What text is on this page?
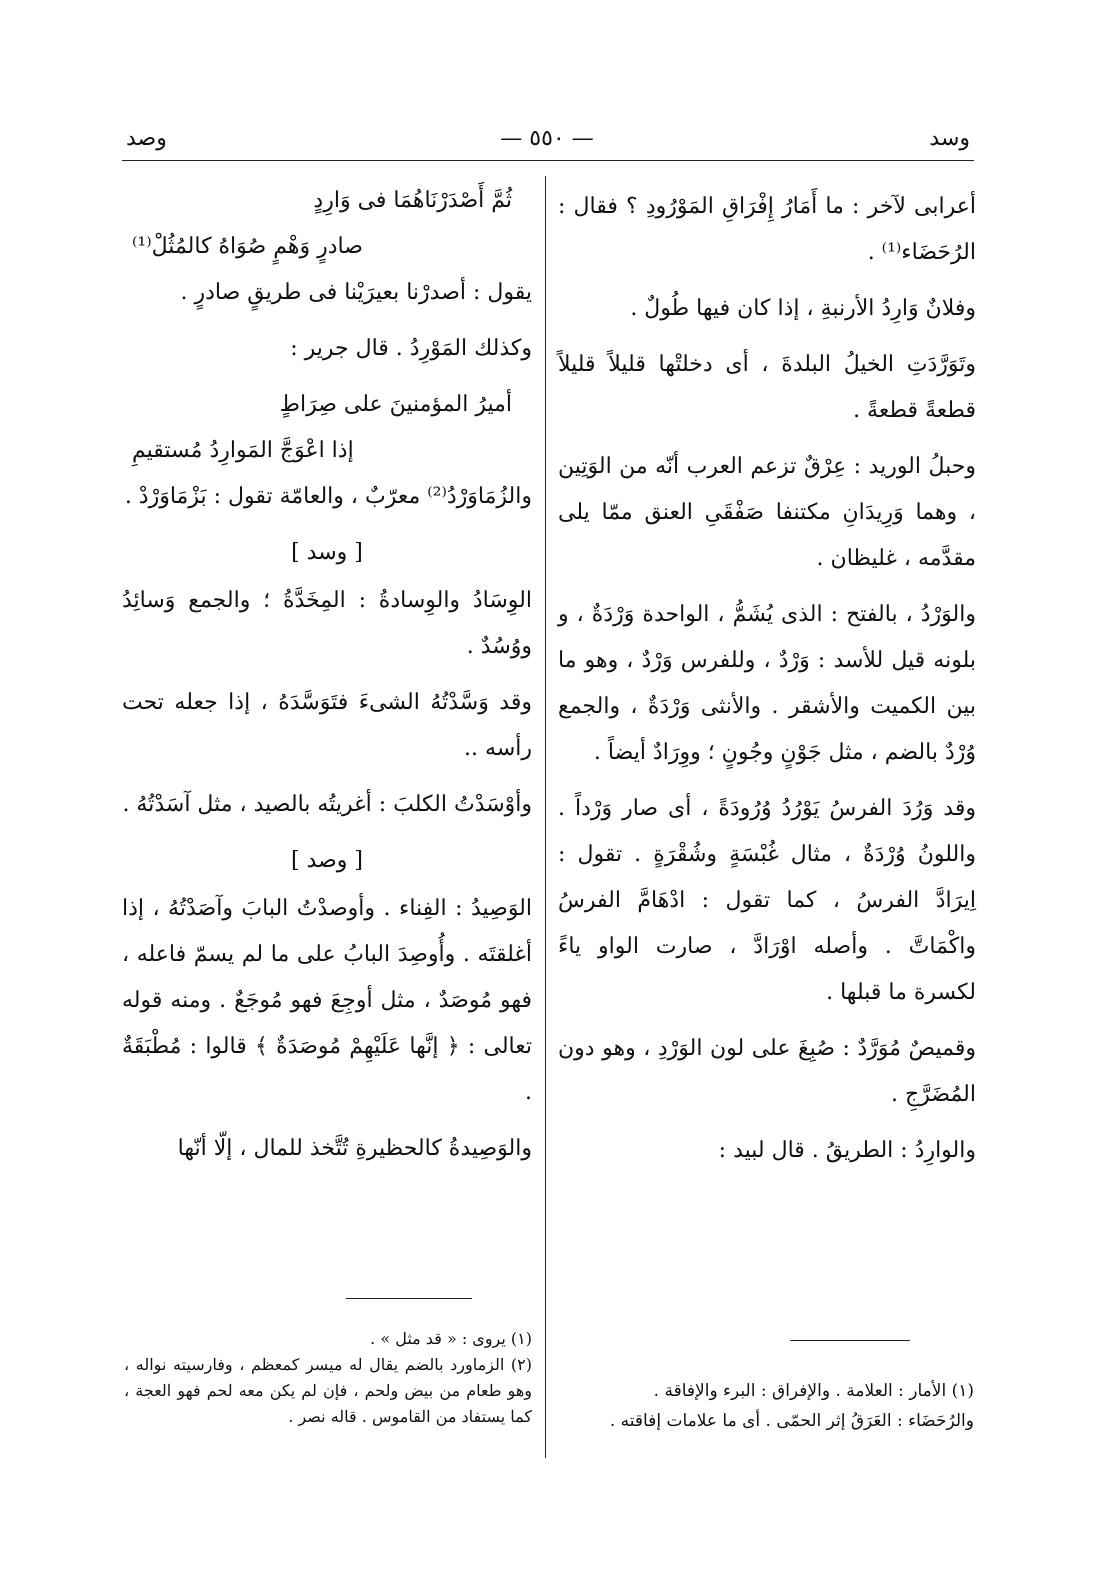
وصد	— ٥٥٠ —	وسد

أعرابى لآخر : ما أَمَارُ إِفْرَاقِ المَوْرُودِ ؟ فقال : الرُحَضَاء⁽¹⁾ .

وفلانٌ وَارِدُ الأرنبةِ ، إذا كان فيها طُولٌ .

وتَوَرَّدَتِ الخيلُ البلدةَ ، أى دخلتْها قليلاً قليلاً قطعةً قطعةً .

وحبلُ الوريد : عِرْقٌ تزعم العرب أنّه من الوَتِين ، وهما وَرِيدَانِ مكتنفا صَفْقَىِ العنق ممّا يلى مقدَّمه ، غليظان .

والوَرْدُ ، بالفتح : الذى يُشَمُّ ، الواحدة وَرْدَةٌ ، و بلونه قيل للأسد : وَرْدٌ ، وللفرس وَرْدٌ ، وهو ما بين الكميت والأشقر . والأنثى وَرْدَةٌ ، والجمع وُرْدٌ بالضم ، مثل جَوْنٍ وجُونٍ ؛ ووِرَادٌ أيضاً .

وقد وَرُدَ الفرسُ يَوْرُدُ وُرُودَةً ، أى صار وَرْداً . واللونُ وُرْدَةٌ ، مثال غُبْسَةٍ وشُقْرَةٍ . تقول : اِيرَادَّ الفرسُ ، كما تقول : ادْهَامَّ الفرسُ واكْمَاتَّ . وأصله اوْرَادَّ ، صارت الواو ياءً لكسرة ما قبلها .

وقميصٌ مُوَرَّدٌ : صُبِغَ على لون الوَرْدِ ، وهو دون المُضَرَّجِ .

والوارِدُ : الطريقُ . قال لبيد :

ثُمَّ أَصْدَرْنَاهُمَا فى وَارِدٍ

صادرٍ وَهْمٍ صُوَاهُ كالمُثُلْ⁽¹⁾

يقول : أصدرْنا بعيرَيْنا فى طريقٍ صادرٍ .

وكذلك المَوْرِدُ . قال جرير :

أميرُ المؤمنينَ على صِرَاطٍ

إذا اعْوَجَّ المَوارِدُ مُستقيمِ

والزُمَاوَرْدُ⁽²⁾ معرّبٌ ، والعامّة تقول : بَزْمَاوَرْدْ .

[ وسد ]

الوِسَادُ والوِسادةُ : المِخَدَّةُ ؛ والجمع وَسائِدُ ووُسُدٌ .

وقد وَسَّدْتُهُ الشىءَ فتَوَسَّدَهُ ، إذا جعله تحت رأسه ..

وأوْسَدْتُ الكلبَ : أغريتُه بالصيد ، مثل آسَدْتُهُ .

[ وصد ]

الوَصِيدُ : الفِناء . وأوصدْتُ البابَ وآصَدْتُهُ ، إذا أغلقتَه . وأُوصِدَ البابُ على ما لم يسمّ فاعله ، فهو مُوصَدٌ ، مثل أوجِعَ فهو مُوجَعٌ . ومنه قوله تعالى : ﴿ إنَّها عَلَيْهِمْ مُوصَدَةٌ ﴾ قالوا : مُطْبَقَةٌ .

والوَصِيدةُ كالحظيرةِ تُتَّخذ للمال ، إلّا أنّها

(١) الأمار : العلامة . والإفراق : البرء والإفاقة .

والرُحَضَاء : العَرَقُ إثر الحمّى . أى ما علامات إفاقته .

(١) يروى : « قد مثل » .

(٢) الزماورد بالضم يقال له ميسر كمعظم ، وفارسيته نواله ، وهو طعام من بيض ولحم ، فإن لم يكن معه لحم فهو العجة ، كما يستفاد من القاموس . قاله نصر .
